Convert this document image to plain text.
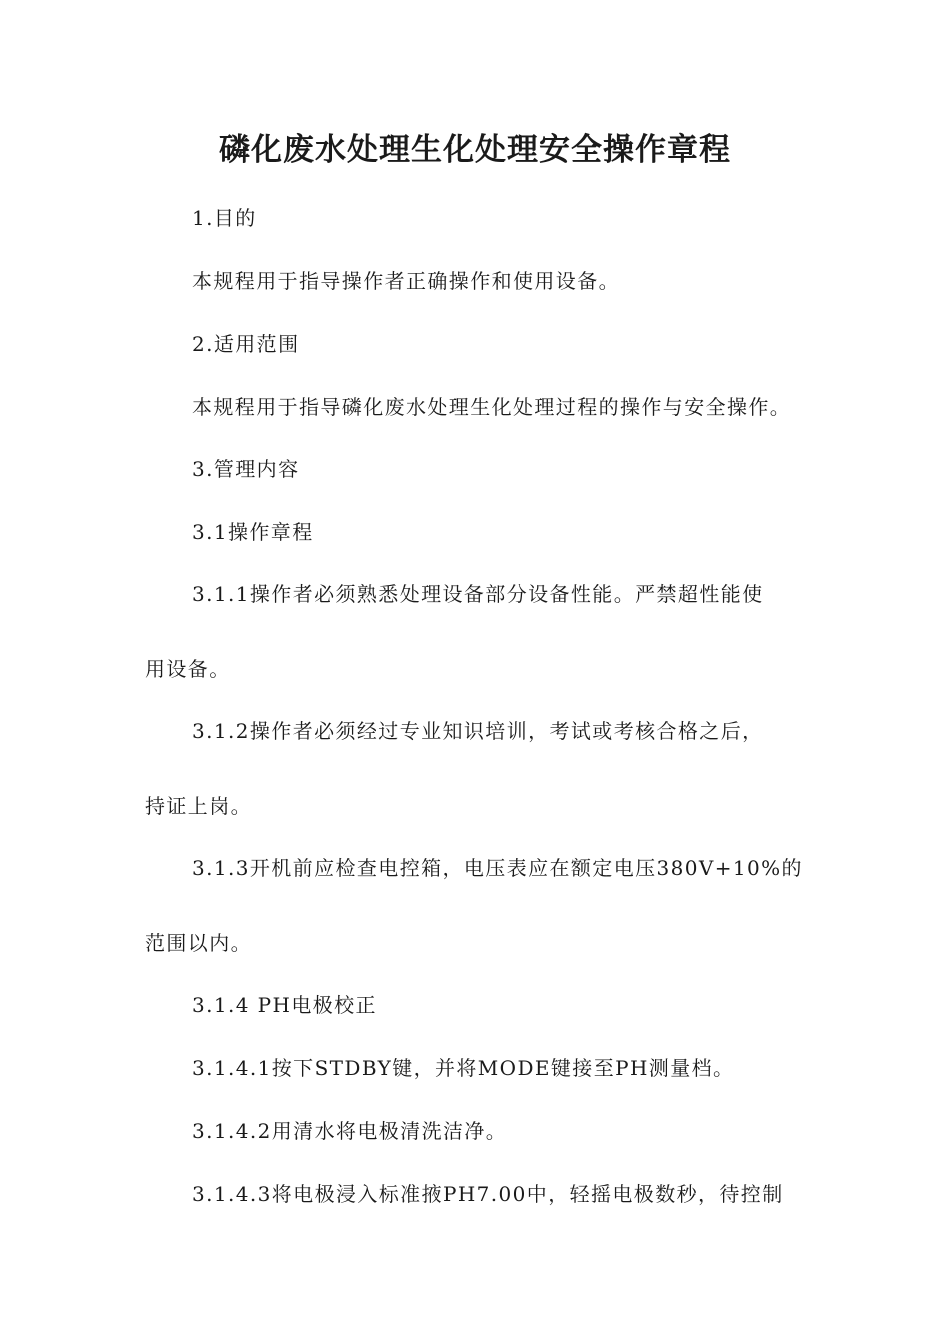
磷化废水处理生化处理安全操作章程
1.目的
本规程用于指导操作者正确操作和使用设备。
2.适用范围
本规程用于指导磷化废水处理生化处理过程的操作与安全操作。
3.管理内容
3.1操作章程
3.1.1操作者必须熟悉处理设备部分设备性能。严禁超性能使
用设备。
3.1.2操作者必须经过专业知识培训，考试或考核合格之后，
持证上岗。
3.1.3开机前应检查电控箱，电压表应在额定电压380V+10%的
范围以内。
3.1.4 PH电极校正
3.1.4.1按下STDBY键，并将MODE键接至PH测量档。
3.1.4.2用清水将电极清洗洁净。
3.1.4.3将电极浸入标准掖PH7.00中，轻摇电极数秒，待控制
